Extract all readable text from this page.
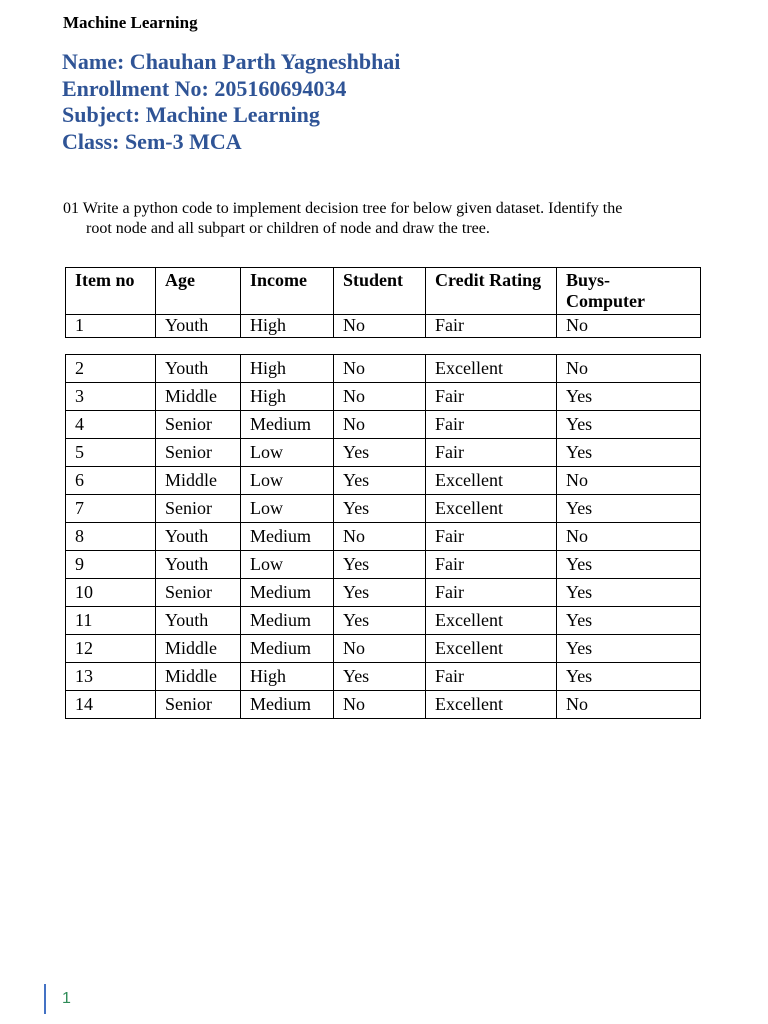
Machine Learning
Name: Chauhan Parth Yagneshbhai
Enrollment No: 205160694034
Subject: Machine Learning
Class: Sem-3 MCA
01 Write a python code to implement decision tree for below given dataset. Identify the
root node and all subpart or children of node and draw the tree.
Item no	Age	Income	Student	Credit Rating	Buys- Computer
1	Youth	High	No	Fair	No
2	Youth	High	No	Excellent	No
3	Middle	High	No	Fair	Yes
4	Senior	Medium	No	Fair	Yes
5	Senior	Low	Yes	Fair	Yes
6	Middle	Low	Yes	Excellent	No
7	Senior	Low	Yes	Excellent	Yes
8	Youth	Medium	No	Fair	No
9	Youth	Low	Yes	Fair	Yes
10	Senior	Medium	Yes	Fair	Yes
11	Youth	Medium	Yes	Excellent	Yes
12	Middle	Medium	No	Excellent	Yes
13	Middle	High	Yes	Fair	Yes
14	Senior	Medium	No	Excellent	No
1
